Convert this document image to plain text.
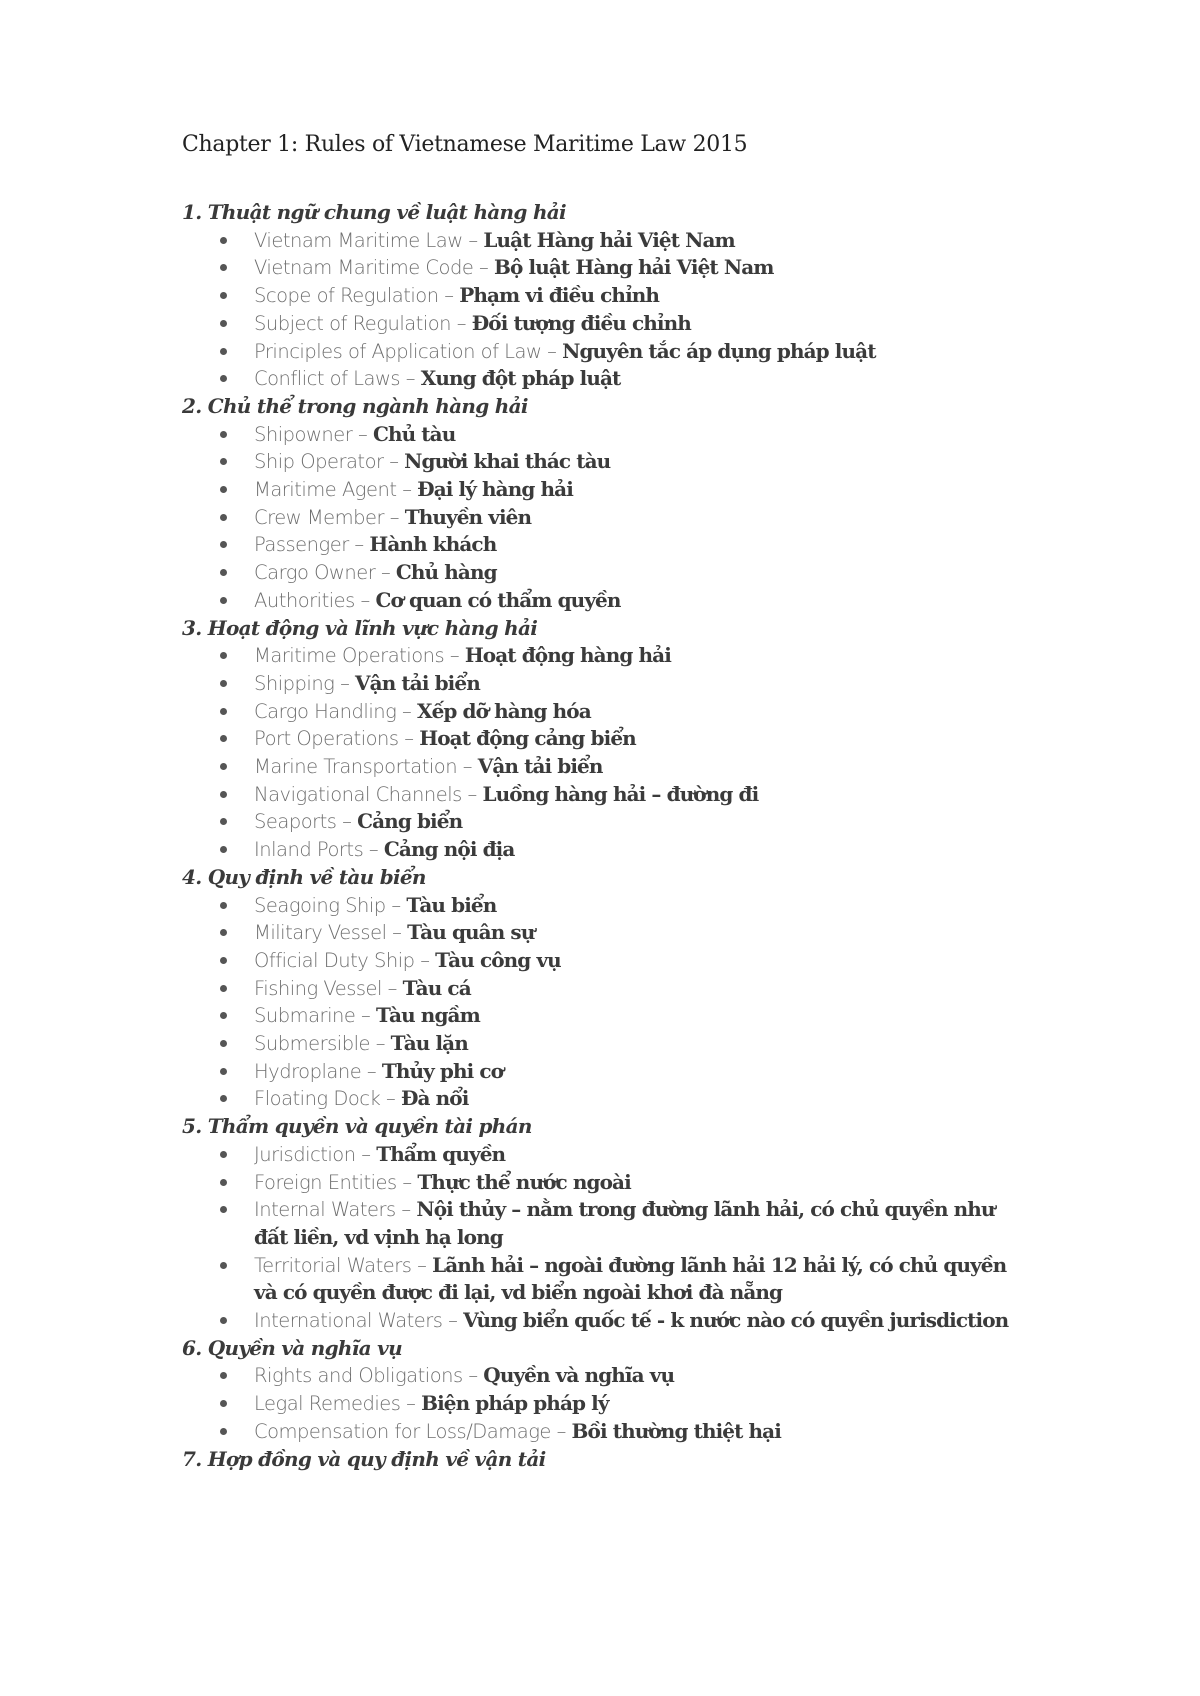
Chapter 1: Rules of Vietnamese Maritime Law 2015
1. Thuật ngữ chung về luật hàng hải
Vietnam Maritime Law – Luật Hàng hải Việt Nam
Vietnam Maritime Code – Bộ luật Hàng hải Việt Nam
Scope of Regulation – Phạm vi điều chỉnh
Subject of Regulation – Đối tượng điều chỉnh
Principles of Application of Law – Nguyên tắc áp dụng pháp luật
Conflict of Laws – Xung đột pháp luật
2. Chủ thể trong ngành hàng hải
Shipowner – Chủ tàu
Ship Operator – Người khai thác tàu
Maritime Agent – Đại lý hàng hải
Crew Member – Thuyền viên
Passenger – Hành khách
Cargo Owner – Chủ hàng
Authorities – Cơ quan có thẩm quyền
3. Hoạt động và lĩnh vực hàng hải
Maritime Operations – Hoạt động hàng hải
Shipping – Vận tải biển
Cargo Handling – Xếp dỡ hàng hóa
Port Operations – Hoạt động cảng biển
Marine Transportation – Vận tải biển
Navigational Channels – Luồng hàng hải – đường đi
Seaports – Cảng biển
Inland Ports – Cảng nội địa
4. Quy định về tàu biển
Seagoing Ship – Tàu biển
Military Vessel – Tàu quân sự
Official Duty Ship – Tàu công vụ
Fishing Vessel – Tàu cá
Submarine – Tàu ngầm
Submersible – Tàu lặn
Hydroplane – Thủy phi cơ
Floating Dock – Đà nổi
5. Thẩm quyền và quyền tài phán
Jurisdiction – Thẩm quyền
Foreign Entities – Thực thể nước ngoài
Internal Waters – Nội thủy – nằm trong đường lãnh hải, có chủ quyền như đất liền, vd vịnh hạ long
Territorial Waters – Lãnh hải – ngoài đường lãnh hải 12 hải lý, có chủ quyền và có quyền được đi lại, vd biển ngoài khơi đà nẵng
International Waters – Vùng biển quốc tế - k nước nào có quyền jurisdiction
6. Quyền và nghĩa vụ
Rights and Obligations – Quyền và nghĩa vụ
Legal Remedies – Biện pháp pháp lý
Compensation for Loss/Damage – Bồi thường thiệt hại
7. Hợp đồng và quy định về vận tải
